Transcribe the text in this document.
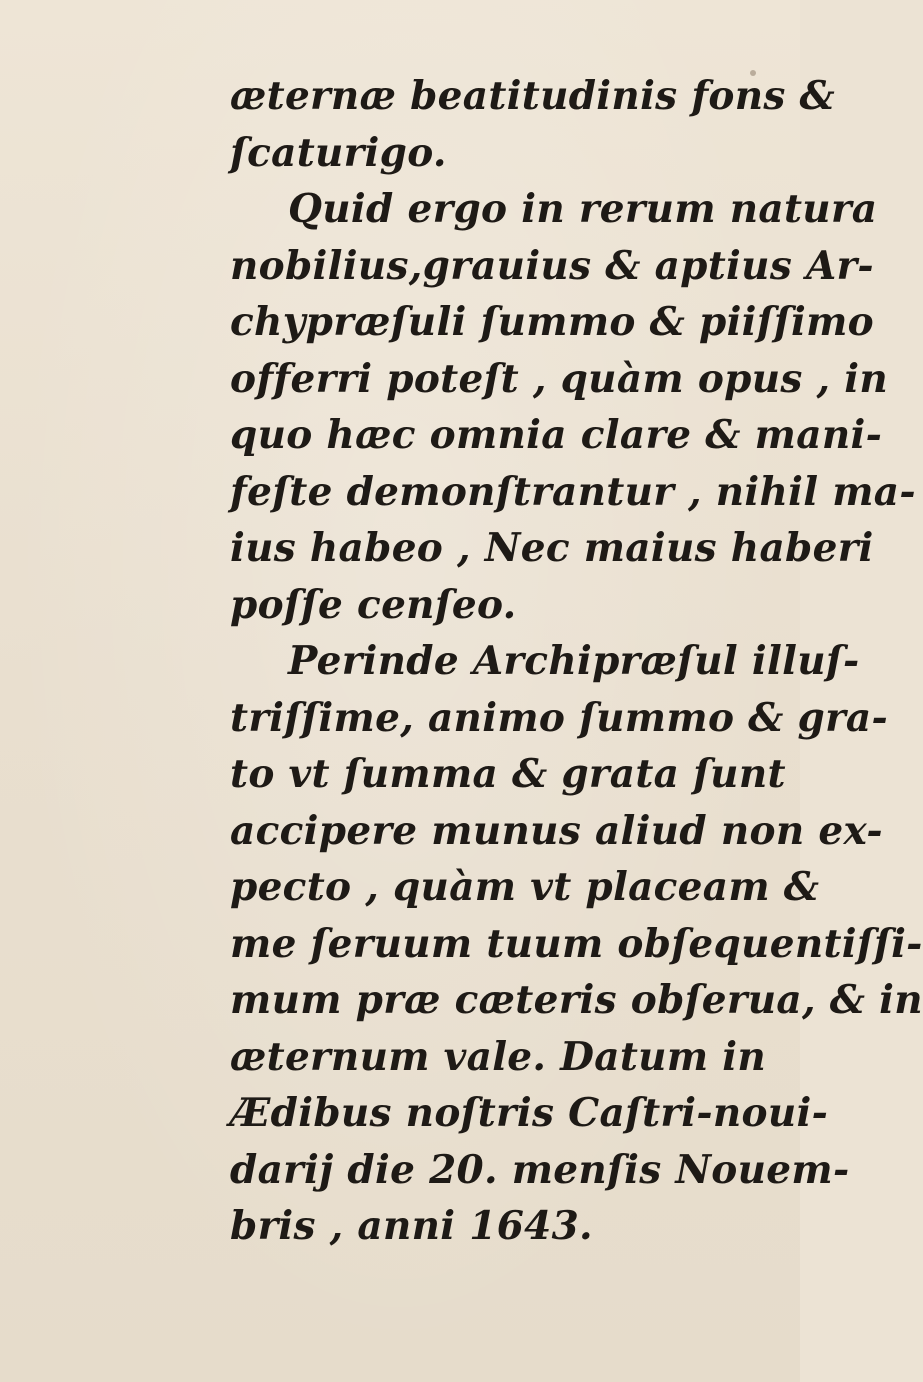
æternæ beatitudinis fons &
ſcaturigo.
Quid ergo in rerum natura
nobilius,grauius & aptius Ar-
chypræſuli ſummo & piiſſimo
offerri poteſt , quàm opus , in
quo hæc omnia clare & mani-
feſte demonſtrantur , nihil ma-
ius habeo , Nec maius haberi
poſſe cenſeo.
Perinde Archipræſul illuſ-
triſſime, animo ſummo & gra-
to vt ſumma & grata ſunt
accipere munus aliud non ex-
pecto , quàm vt placeam &
me ſeruum tuum obſequentiſſi-
mum præ cæteris obſerua, & in
æternum vale. Datum in
Ædibus noſtris Caſtri-noui-
darij die 20. menſis Nouem-
bris , anni 1643.
